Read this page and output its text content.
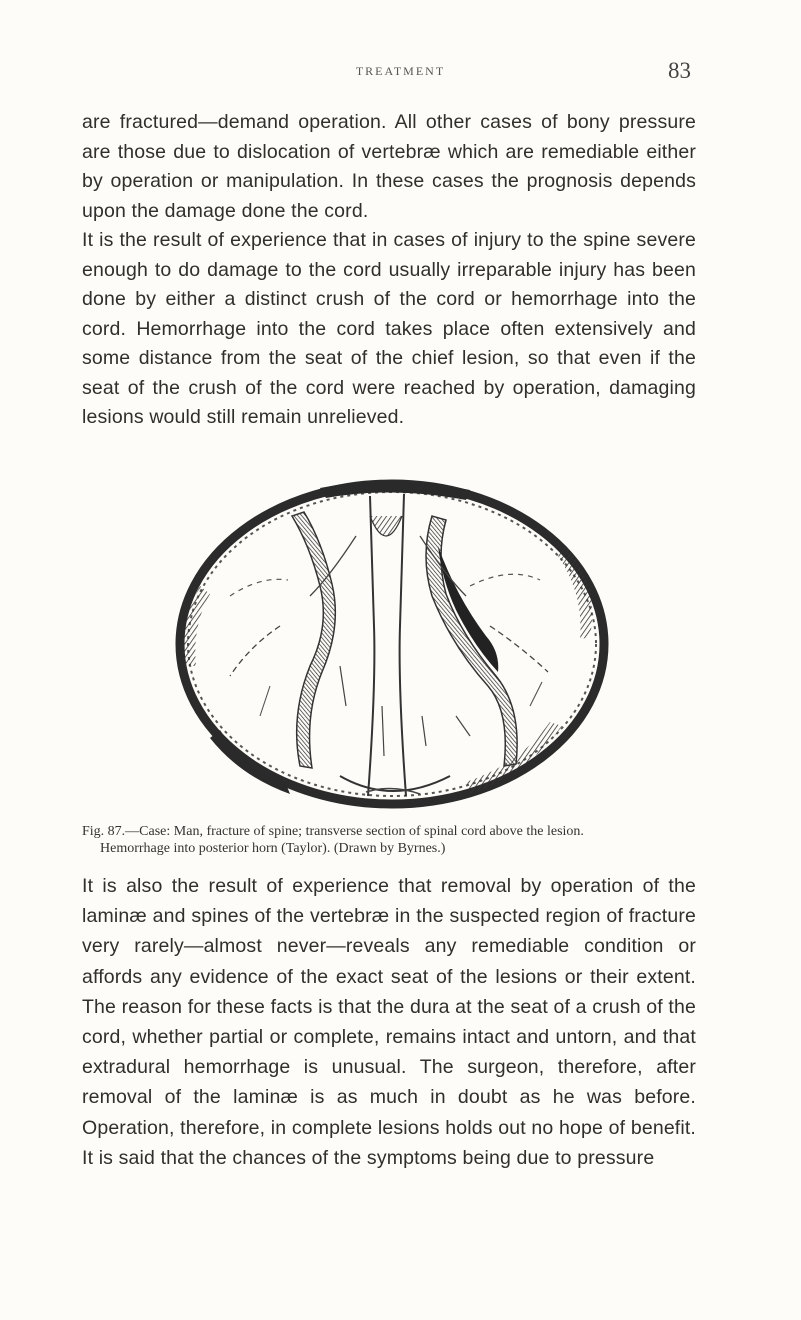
TREATMENT	83

are fractured—demand operation. All other cases of bony pressure are those due to dislocation of vertebræ which are remediable either by operation or manipulation. In these cases the prognosis depends upon the damage done the cord.

It is the result of experience that in cases of injury to the spine severe enough to do damage to the cord usually irreparable injury has been done by either a distinct crush of the cord or hemorrhage into the cord. Hemorrhage into the cord takes place often extensively and some distance from the seat of the chief lesion, so that even if the seat of the crush of the cord were reached by operation, damaging lesions would still remain unrelieved.

Fig. 87.—Case: Man, fracture of spine; transverse section of spinal cord above the lesion.
Hemorrhage into posterior horn (Taylor). (Drawn by Byrnes.)

It is also the result of experience that removal by operation of the laminæ and spines of the vertebræ in the suspected region of fracture very rarely—almost never—reveals any remediable condition or affords any evidence of the exact seat of the lesions or their extent. The reason for these facts is that the dura at the seat of a crush of the cord, whether partial or complete, remains intact and untorn, and that extradural hemorrhage is unusual. The surgeon, therefore, after removal of the laminæ is as much in doubt as he was before. Operation, therefore, in complete lesions holds out no hope of benefit. It is said that the chances of the symptoms being due to pressure
